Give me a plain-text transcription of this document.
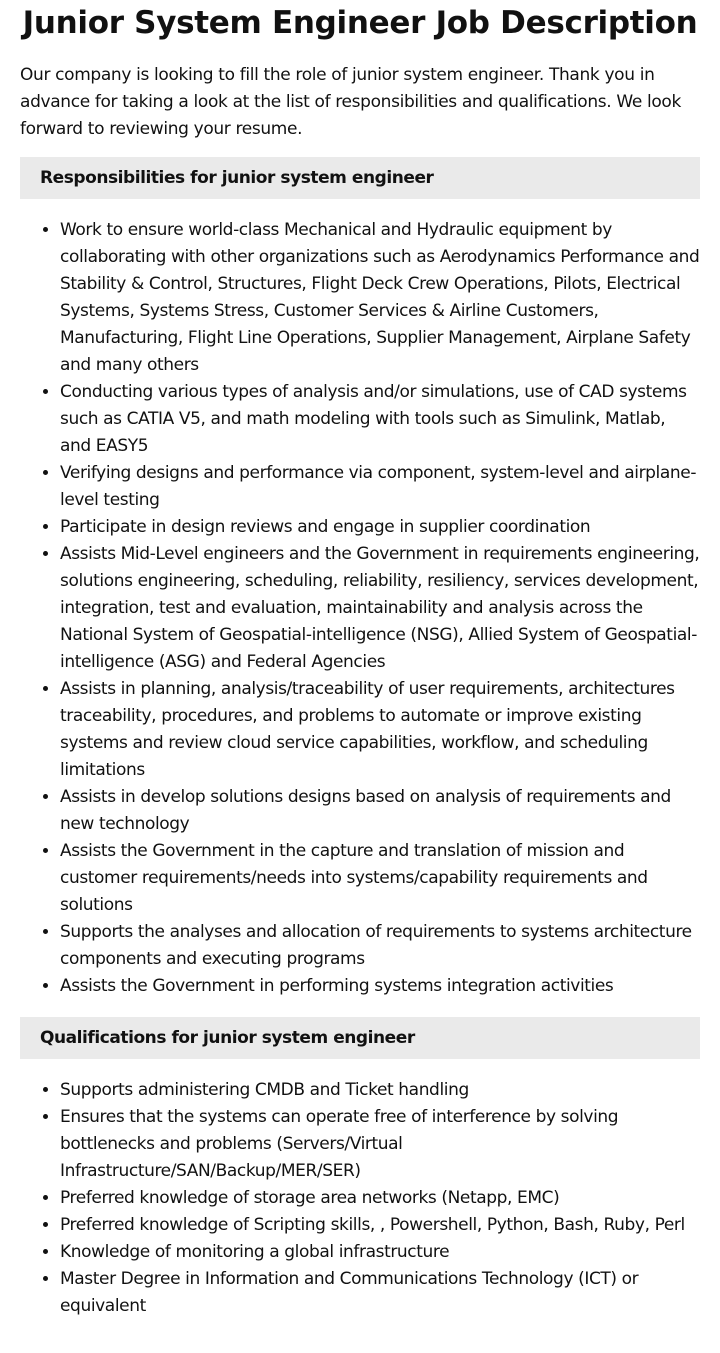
Junior System Engineer Job Description

Our company is looking to fill the role of junior system engineer. Thank you in advance for taking a look at the list of responsibilities and qualifications. We look forward to reviewing your resume.

Responsibilities for junior system engineer
• Work to ensure world-class Mechanical and Hydraulic equipment by collaborating with other organizations such as Aerodynamics Performance and Stability & Control, Structures, Flight Deck Crew Operations, Pilots, Electrical Systems, Systems Stress, Customer Services & Airline Customers, Manufacturing, Flight Line Operations, Supplier Management, Airplane Safety and many others
• Conducting various types of analysis and/or simulations, use of CAD systems such as CATIA V5, and math modeling with tools such as Simulink, Matlab, and EASY5
• Verifying designs and performance via component, system-level and airplane-level testing
• Participate in design reviews and engage in supplier coordination
• Assists Mid-Level engineers and the Government in requirements engineering, solutions engineering, scheduling, reliability, resiliency, services development, integration, test and evaluation, maintainability and analysis across the National System of Geospatial-intelligence (NSG), Allied System of Geospatial-intelligence (ASG) and Federal Agencies
• Assists in planning, analysis/traceability of user requirements, architectures traceability, procedures, and problems to automate or improve existing systems and review cloud service capabilities, workflow, and scheduling limitations
• Assists in develop solutions designs based on analysis of requirements and new technology
• Assists the Government in the capture and translation of mission and customer requirements/needs into systems/capability requirements and solutions
• Supports the analyses and allocation of requirements to systems architecture components and executing programs
• Assists the Government in performing systems integration activities
Qualifications for junior system engineer
• Supports administering CMDB and Ticket handling
• Ensures that the systems can operate free of interference by solving bottlenecks and problems (Servers/Virtual Infrastructure/SAN/Backup/MER/SER)
• Preferred knowledge of storage area networks (Netapp, EMC)
• Preferred knowledge of Scripting skills, , Powershell, Python, Bash, Ruby, Perl
• Knowledge of monitoring a global infrastructure
• Master Degree in Information and Communications Technology (ICT) or equivalent
